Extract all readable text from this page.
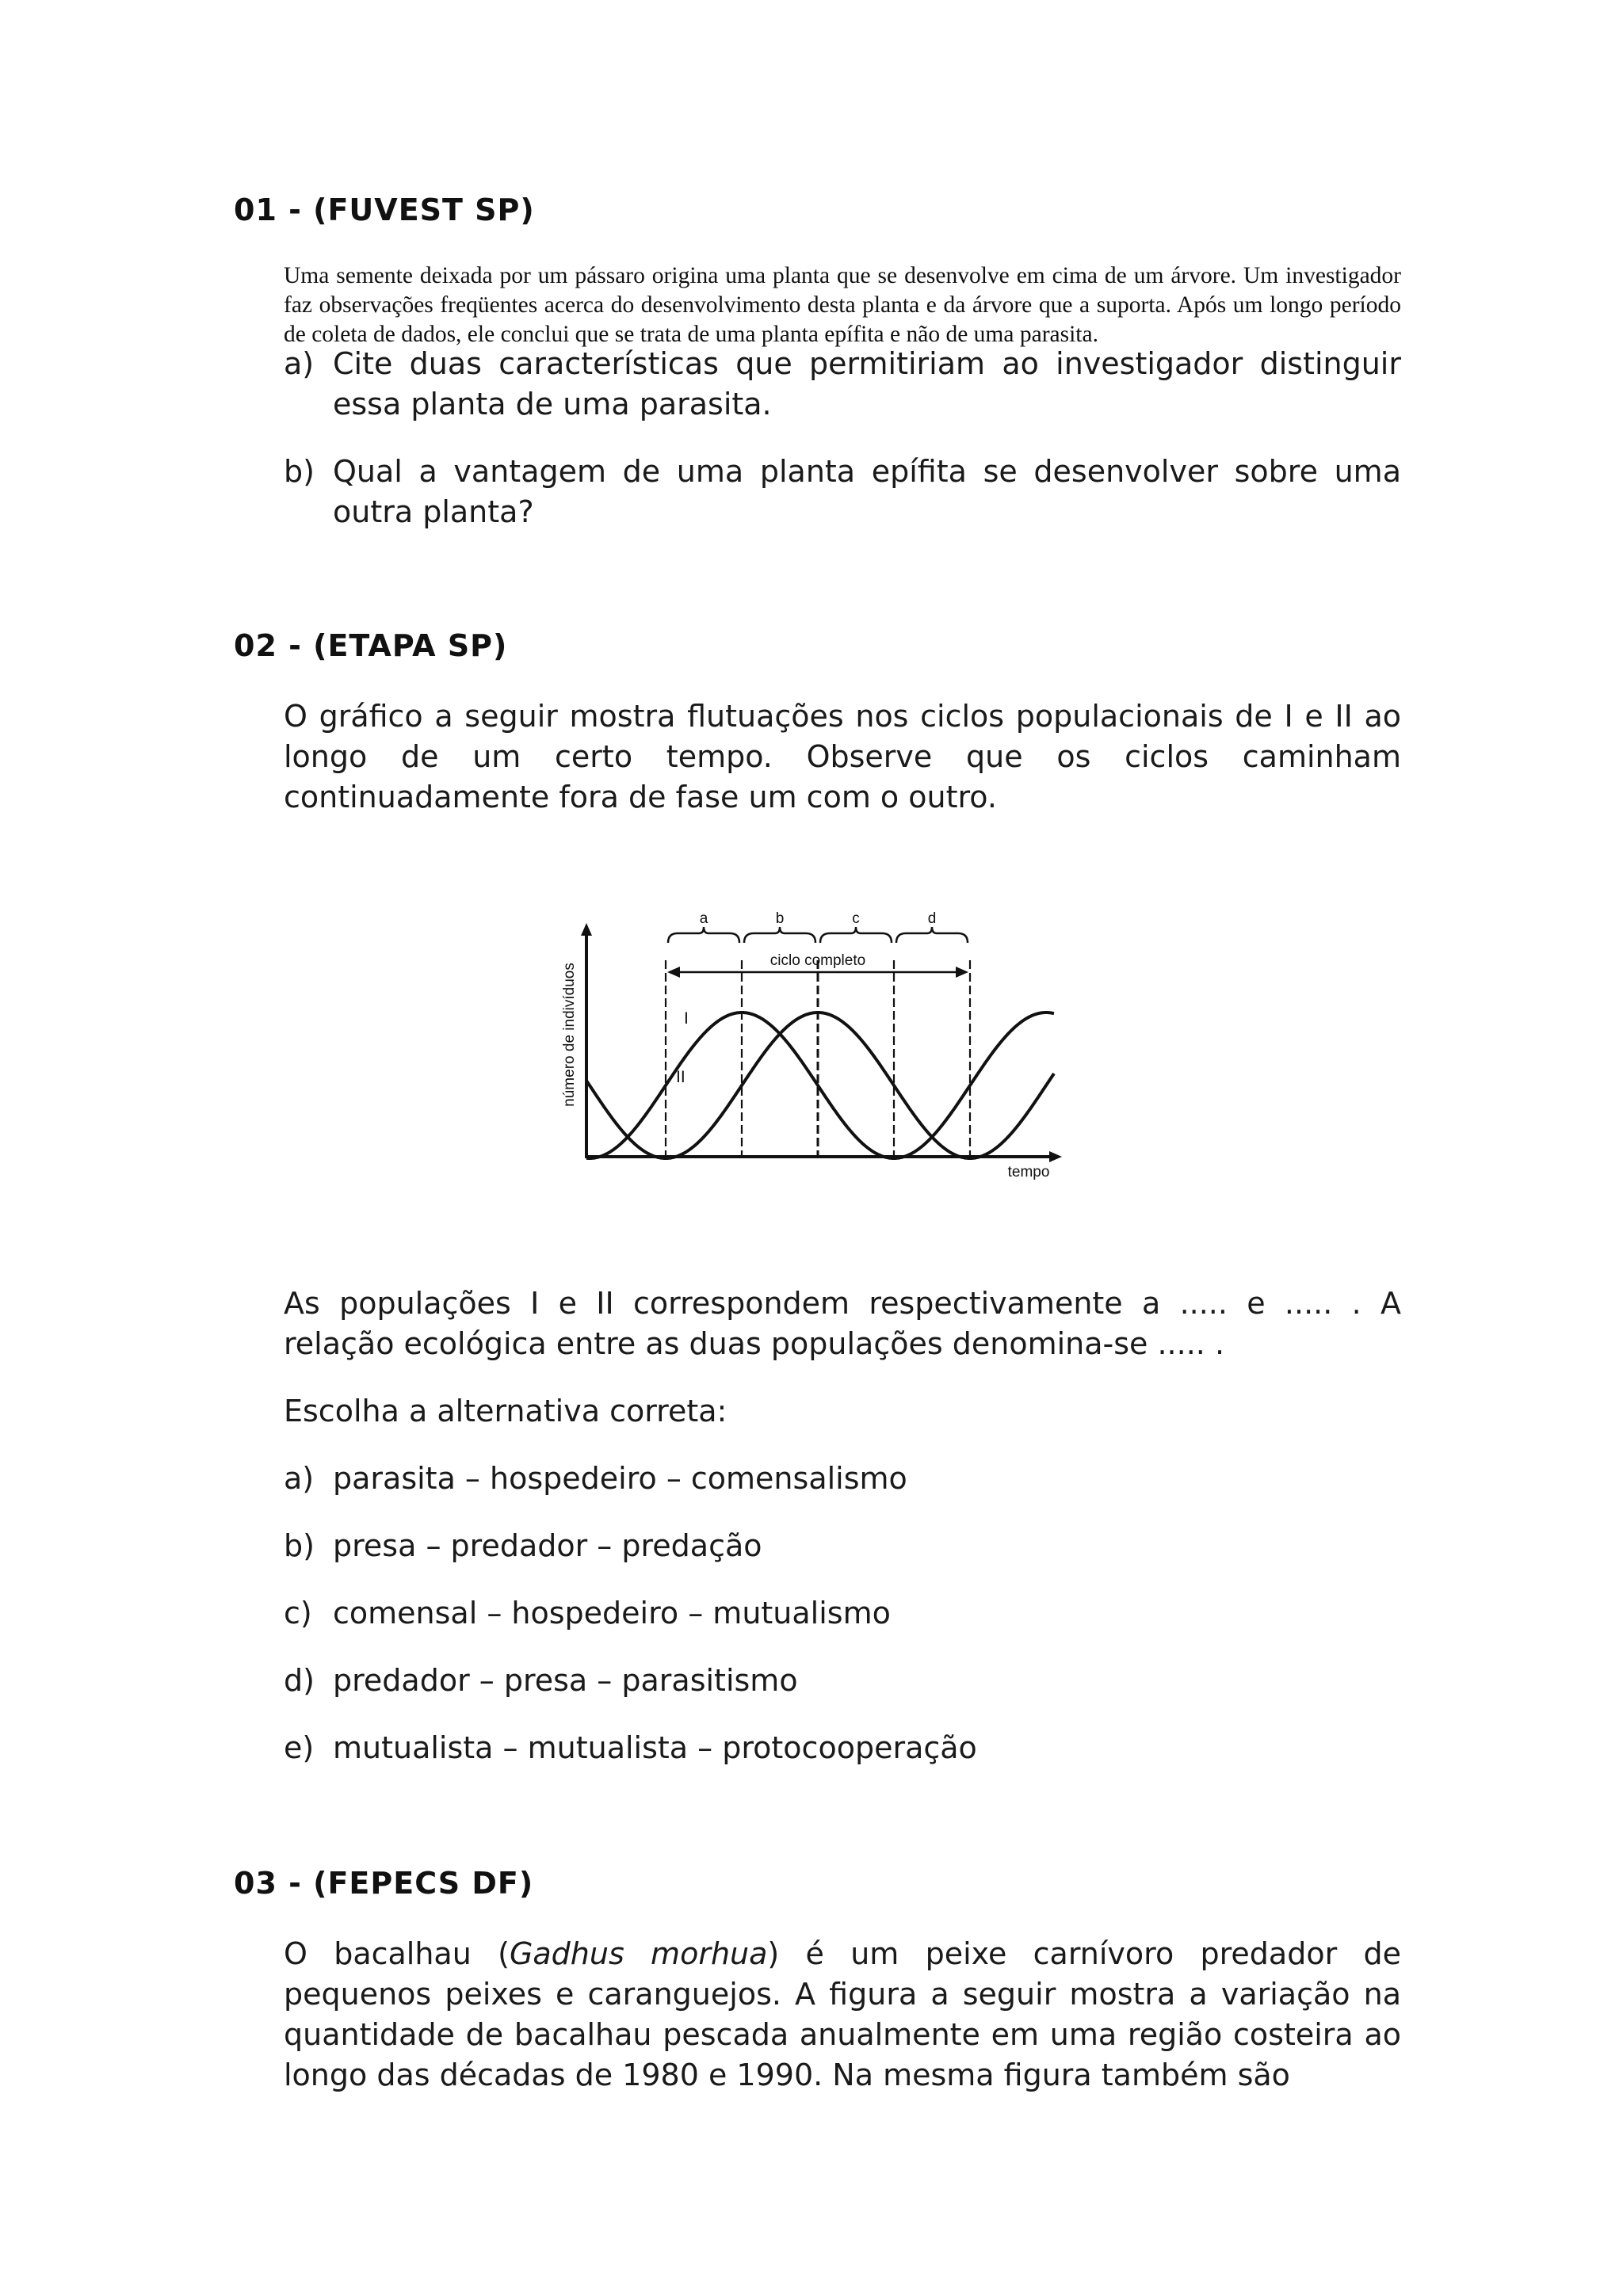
01 - (FUVEST SP)

Uma semente deixada por um pássaro origina uma planta que se desenvolve em cima de um árvore. Um investigador faz observações freqüentes acerca do desenvolvimento desta planta e da árvore que a suporta. Após um longo período de coleta de dados, ele conclui que se trata de uma planta epífita e não de uma parasita.

a) Cite duas características que permitiriam ao investigador distinguir essa planta de uma parasita.
b) Qual a vantagem de uma planta epífita se desenvolver sobre uma outra planta?
02 - (ETAPA SP)

O gráfico a seguir mostra flutuações nos ciclos populacionais de I e II ao longo de um certo tempo. Observe que os ciclos caminham continuadamente fora de fase um com o outro.

a	b	c	d
ciclo completo
I
II
tempo
número de indivíduos

As populações I e II correspondem respectivamente a ..... e ..... . A relação ecológica entre as duas populações denomina-se ..... .

Escolha a alternativa correta:

a) parasita – hospedeiro – comensalismo
b) presa – predador – predação
c) comensal – hospedeiro – mutualismo
d) predador – presa – parasitismo
e) mutualista – mutualista – protocooperação
03 - (FEPECS DF)

O bacalhau (Gadhus morhua) é um peixe carnívoro predador de pequenos peixes e caranguejos. A figura a seguir mostra a variação na quantidade de bacalhau pescada anualmente em uma região costeira ao longo das décadas de 1980 e 1990. Na mesma figura também são
